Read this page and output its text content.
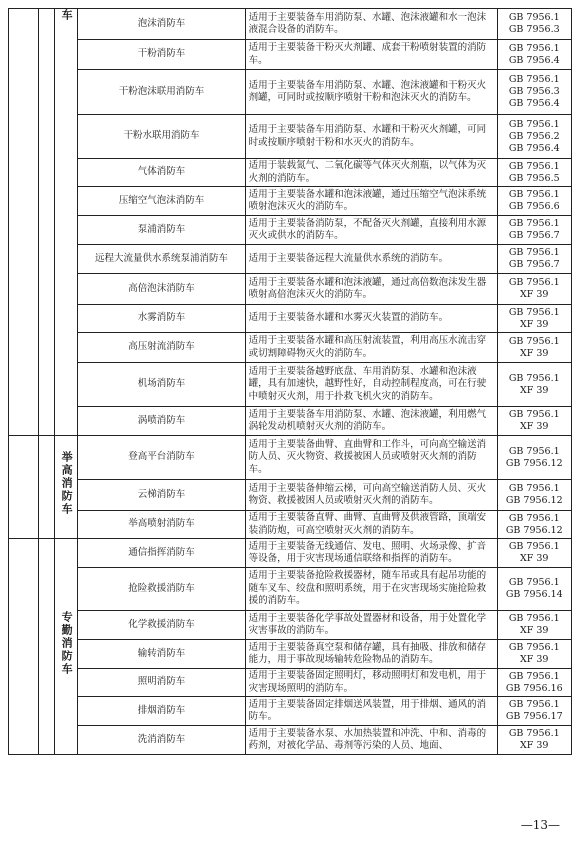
		车	泡沫消防车	适用于主要装备车用消防泵、水罐、泡沫液罐和水一泡沫液混合设备的消防车。	GB 7956.1
GB 7956.3

			干粉消防车	适用于主要装备干粉灭火剂罐、成套干粉喷射装置的消防车。	GB 7956.1
GB 7956.4

			干粉泡沫联用消防车	适用于主要装备车用消防泵、水罐、泡沫液罐和干粉灭火剂罐，可同时或按顺序喷射干粉和泡沫灭火的消防车。	GB 7956.1
GB 7956.3
GB 7956.4

			干粉水联用消防车	适用于主要装备车用消防泵、水罐和干粉灭火剂罐，可同时或按顺序喷射干粉和水灭火的消防车。	GB 7956.1
GB 7956.2
GB 7956.4

			气体消防车	适用于装载氮气、二氧化碳等气体灭火剂瓶，以气体为灭火剂的消防车。	GB 7956.1
GB 7956.5

			压缩空气泡沫消防车	适用于主要装备水罐和泡沫液罐，通过压缩空气泡沫系统喷射泡沫灭火的消防车。	GB 7956.1
GB 7956.6

			泵浦消防车	适用于主要装备消防泵，不配备灭火剂罐，直接利用水源灭火或供水的消防车。	GB 7956.1
GB 7956.7

			远程大流量供水系统泵浦消防车	适用于主要装备远程大流量供水系统的消防车。	GB 7956.1
GB 7956.7

			高倍泡沫消防车	适用于主要装备水罐和泡沫液罐，通过高倍数泡沫发生器喷射高倍泡沫灭火的消防车。	GB 7956.1
XF 39

			水雾消防车	适用于主要装备水罐和水雾灭火装置的消防车。	GB 7956.1
XF 39

			高压射流消防车	适用于主要装备水罐和高压射流装置，利用高压水流击穿或切割障碍物灭火的消防车。	GB 7956.1
XF 39

			机场消防车	适用于主要装备越野底盘、车用消防泵、水罐和泡沫液罐，具有加速快，越野性好，自动控制程度高，可在行驶中喷射灭火剂，用于扑救飞机火灾的消防车。	GB 7956.1
XF 39

			涡喷消防车	适用于主要装备车用消防泵、水罐、泡沫液罐，利用燃气涡轮发动机喷射灭火剂的消防车。	GB 7956.1
XF 39

		举高消防车	登高平台消防车	适用于主要装备曲臂、直曲臂和工作斗，可向高空输送消防人员、灭火物资、救援被困人员或喷射灭火剂的消防车。	GB 7956.1
GB 7956.12

			云梯消防车	适用于主要装备伸缩云梯，可向高空输送消防人员、灭火物资、救援被困人员或喷射灭火剂的消防车。	GB 7956.1
GB 7956.12

			举高喷射消防车	适用于主要装备直臂、曲臂、直曲臂及供液管路，顶端安装消防炮，可高空喷射灭火剂的消防车。	GB 7956.1
GB 7956.12

		专勤消防车	通信指挥消防车	适用于主要装备无线通信、发电、照明、火场录像、扩音等设备，用于灾害现场通信联络和指挥的消防车。	GB 7956.1
XF 39

			抢险救援消防车	适用于主要装备抢险救援器材，随车吊或具有起吊功能的随车叉车、绞盘和照明系统，用于在灾害现场实施抢险救援的消防车。	GB 7956.1
GB 7956.14

			化学救援消防车	适用于主要装备化学事故处置器材和设备，用于处置化学灾害事故的消防车。	GB 7956.1
XF 39

			输转消防车	适用于主要装备真空泵和储存罐，具有抽吸、排放和储存能力，用于事故现场输转危险物品的消防车。	GB 7956.1
XF 39

			照明消防车	适用于主要装备固定照明灯，移动照明灯和发电机，用于灾害现场照明的消防车。	GB 7956.1
GB 7956.16

			排烟消防车	适用于主要装备固定排烟送风装置，用于排烟、通风的消防车。	GB 7956.1
GB 7956.17

			洗消消防车	适用于主要装备水泵、水加热装置和冲洗、中和、消毒的药剂，对被化学品、毒剂等污染的人员、地面、	GB 7956.1
XF 39
—13—
